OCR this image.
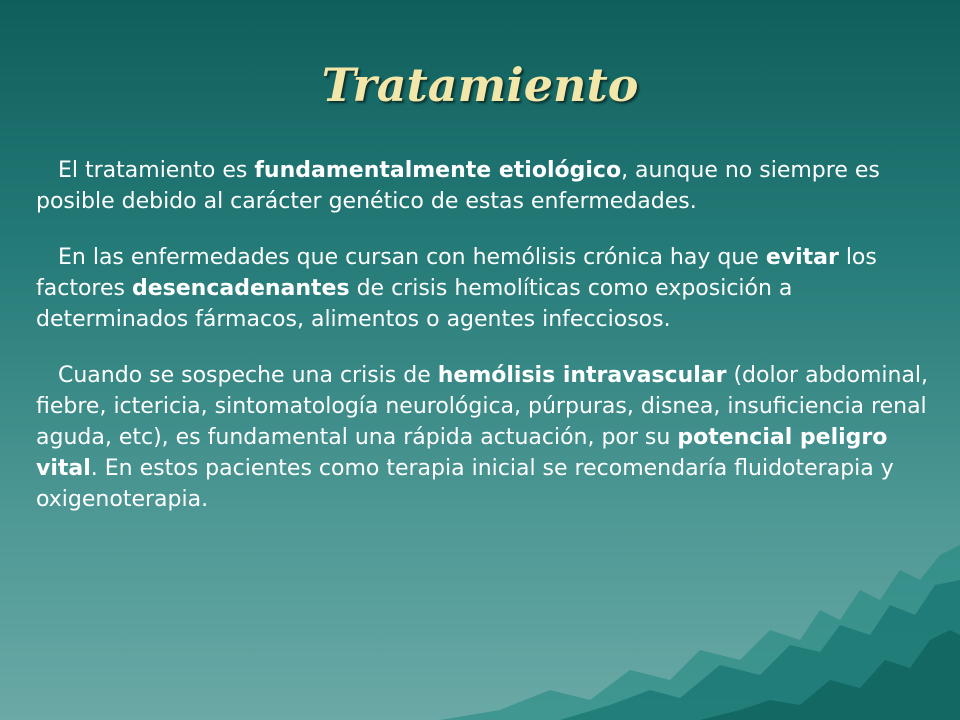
Tratamiento

El tratamiento es fundamentalmente etiológico, aunque no siempre es posible debido al carácter genético de estas enfermedades.

En las enfermedades que cursan con hemólisis crónica hay que evitar los factores desencadenantes de crisis hemolíticas como exposición a determinados fármacos, alimentos o agentes infecciosos.

Cuando se sospeche una crisis de hemólisis intravascular (dolor abdominal, fiebre, ictericia, sintomatología neurológica, púrpuras, disnea, insuficiencia renal aguda, etc), es fundamental una rápida actuación, por su potencial peligro vital. En estos pacientes como terapia inicial se recomendaría fluidoterapia y oxigenoterapia.
